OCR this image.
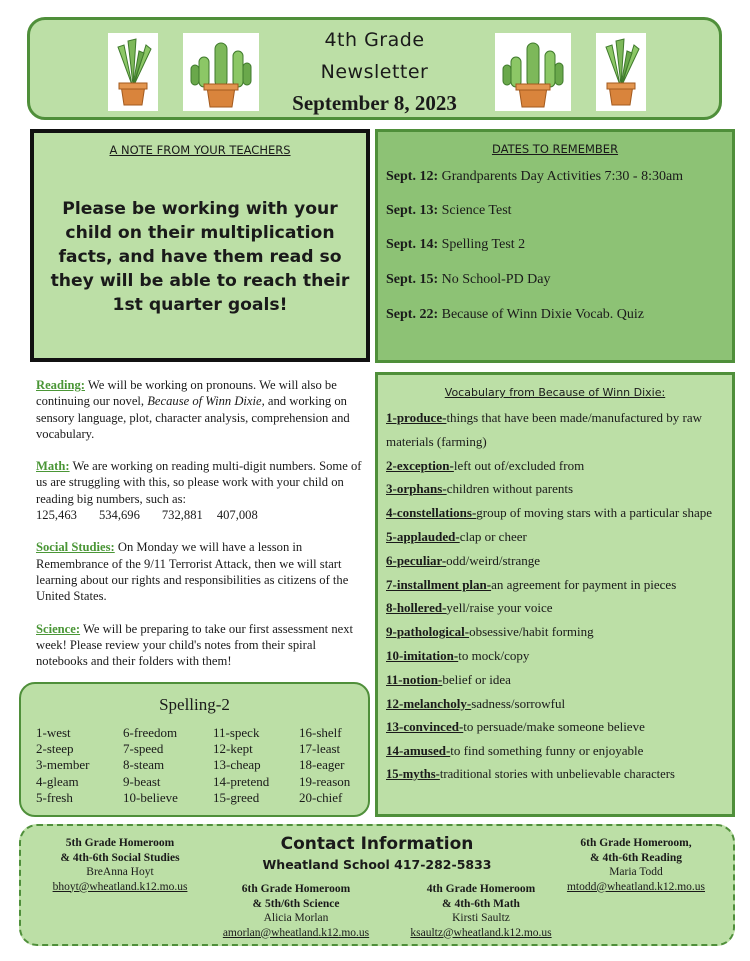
4th Grade
Newsletter
September 8, 2023
A NOTE FROM YOUR TEACHERS
Please be working with your child on their multiplication facts, and have them read so they will be able to reach their 1st quarter goals!
DATES TO REMEMBER
Sept. 12: Grandparents Day Activities 7:30 - 8:30am
Sept. 13: Science Test
Sept. 14: Spelling Test 2
Sept. 15: No School-PD Day
Sept. 22: Because of Winn Dixie Vocab. Quiz

Reading: We will be working on pronouns. We will also be continuing our novel, Because of Winn Dixie, and working on sensory language, plot, character analysis, comprehension and vocabulary.

Math: We are working on reading multi-digit numbers. Some of us are struggling with this, so please work with your child on reading big numbers, such as:

125,463 534,696 732,881 407,008

Social Studies: On Monday we will have a lesson in Remembrance of the 9/11 Terrorist Attack, then we will start learning about our rights and responsibilities as citizens of the United States.

Science: We will be preparing to take our first assessment next week! Please review your child's notes from their spiral notebooks and their folders with them!

Spelling-2
1-west
2-steep
3-member
4-gleam
5-fresh
6-freedom
7-speed
8-steam
9-beast
10-believe
11-speck
12-kept
13-cheap
14-pretend
15-greed
16-shelf
17-least
18-eager
19-reason
20-chief
Vocabulary from Because of Winn Dixie:
1-produce-things that have been made/manufactured by raw materials (farming)
2-exception-left out of/excluded from
3-orphans-children without parents
4-constellations-group of moving stars with a particular shape
5-applauded-clap or cheer
6-peculiar-odd/weird/strange
7-installment plan-an agreement for payment in pieces
8-hollered-yell/raise your voice
9-pathological-obsessive/habit forming
10-imitation-to mock/copy
11-notion-belief or idea
12-melancholy-sadness/sorrowful
13-convinced-to persuade/make someone believe
14-amused-to find something funny or enjoyable
15-myths-traditional stories with unbelievable characters
Contact Information
Wheatland School 417-282-5833
5th Grade Homeroom
& 4th-6th Social Studies
BreAnna Hoyt
bhoyt@wheatland.k12.mo.us	6th Grade Homeroom
& 5th/6th Science
Alicia Morlan
amorlan@wheatland.k12.mo.us
4th Grade Homeroom
& 4th-6th Math
Kirsti Saultz
ksaultz@wheatland.k12.mo.us
6th Grade Homeroom,
& 4th-6th Reading
Maria Todd
mtodd@wheatland.k12.mo.us
